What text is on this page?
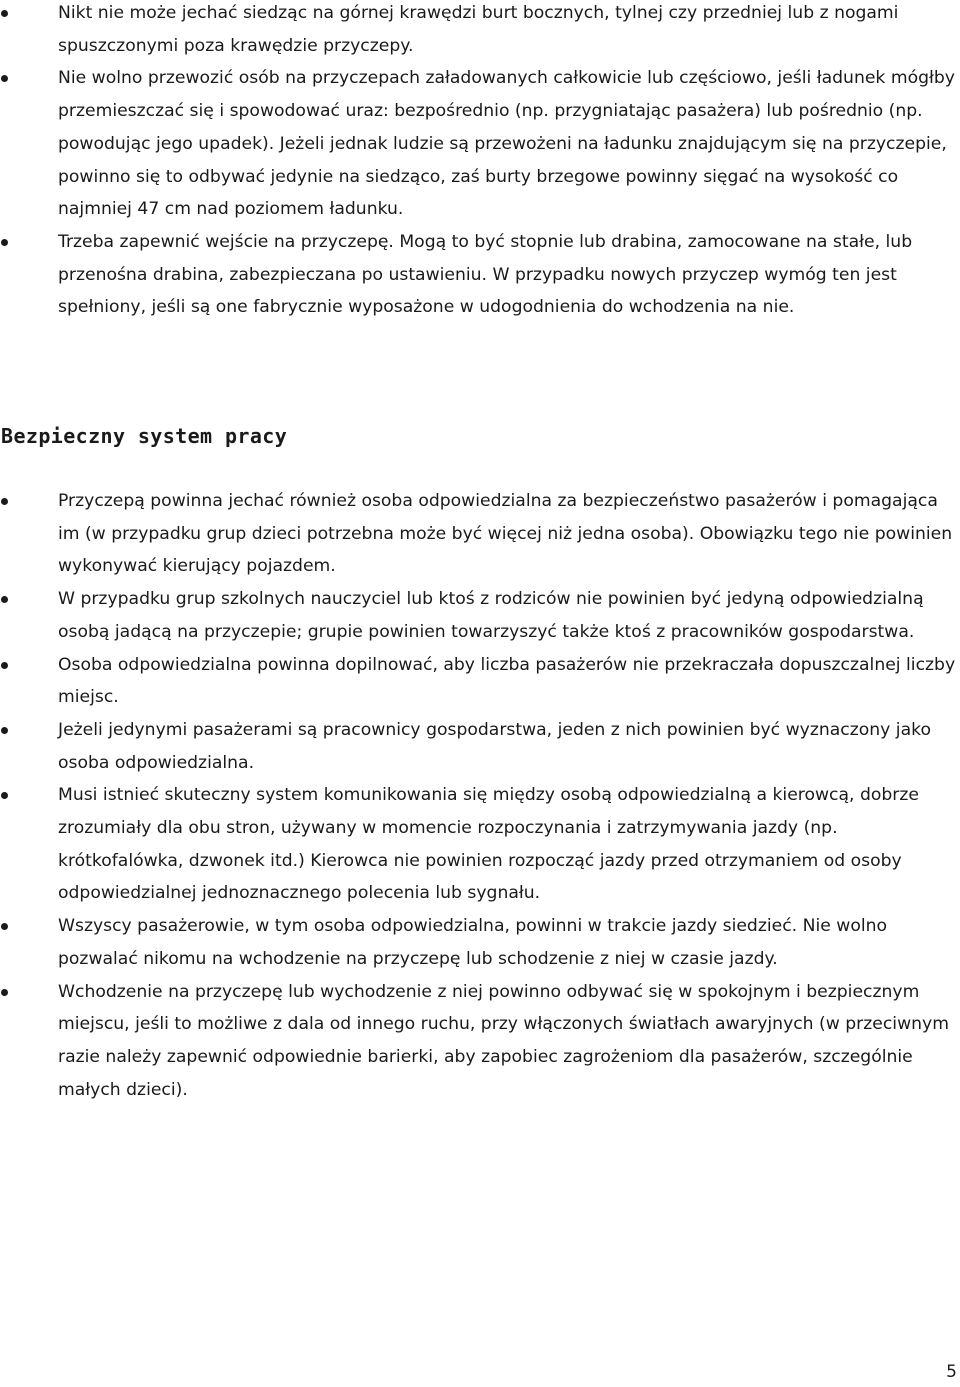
Nikt nie może jechać siedząc na górnej krawędzi burt bocznych, tylnej czy przedniej lub z nogami spuszczonymi poza krawędzie przyczepy.
Nie wolno przewozić osób na przyczepach załadowanych całkowicie lub częściowo, jeśli ładunek mógłby przemieszczać się i spowodować uraz: bezpośrednio (np. przygniatając pasażera) lub pośrednio (np. powodując jego upadek). Jeżeli jednak ludzie są przewożeni na ładunku znajdującym się na przyczepie, powinno się to odbywać jedynie na siedząco, zaś burty brzegowe powinny sięgać na wysokość co najmniej 47 cm nad poziomem ładunku.
Trzeba zapewnić wejście na przyczepę. Mogą to być stopnie lub drabina, zamocowane na stałe, lub przenośna drabina, zabezpieczana po ustawieniu. W przypadku nowych przyczep wymóg ten jest spełniony, jeśli są one fabrycznie wyposażone w udogodnienia do wchodzenia na nie.
Bezpieczny system pracy
Przyczepą powinna jechać również osoba odpowiedzialna za bezpieczeństwo pasażerów i pomagająca im (w przypadku grup dzieci potrzebna może być więcej niż jedna osoba). Obowiązku tego nie powinien wykonywać kierujący pojazdem.
W przypadku grup szkolnych nauczyciel lub ktoś z rodziców nie powinien być jedyną odpowiedzialną osobą jadącą na przyczepie; grupie powinien towarzyszyć także ktoś z pracowników gospodarstwa.
Osoba odpowiedzialna powinna dopilnować, aby liczba pasażerów nie przekraczała dopuszczalnej liczby miejsc.
Jeżeli jedynymi pasażerami są pracownicy gospodarstwa, jeden z nich powinien być wyznaczony jako osoba odpowiedzialna.
Musi istnieć skuteczny system komunikowania się między osobą odpowiedzialną a kierowcą, dobrze zrozumiały dla obu stron, używany w momencie rozpoczynania i zatrzymywania jazdy (np. krótkofalówka, dzwonek itd.) Kierowca nie powinien rozpocząć jazdy przed otrzymaniem od osoby odpowiedzialnej jednoznacznego polecenia lub sygnału.
Wszyscy pasażerowie, w tym osoba odpowiedzialna, powinni w trakcie jazdy siedzieć. Nie wolno pozwalać nikomu na wchodzenie na przyczepę lub schodzenie z niej w czasie jazdy.
Wchodzenie na przyczepę lub wychodzenie z niej powinno odbywać się w spokojnym i bezpiecznym miejscu, jeśli to możliwe z dala od innego ruchu, przy włączonych światłach awaryjnych (w przeciwnym razie należy zapewnić odpowiednie barierki, aby zapobiec zagrożeniom dla pasażerów, szczególnie małych dzieci).
5
